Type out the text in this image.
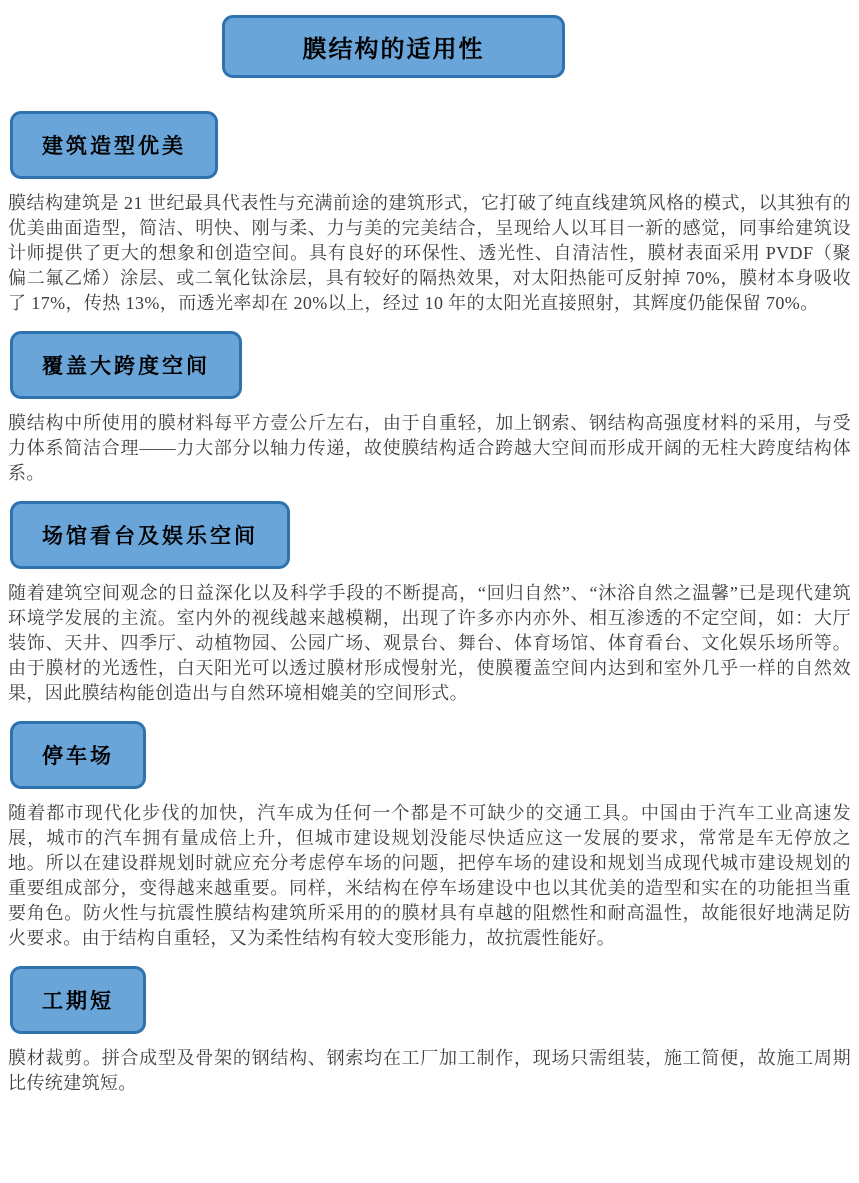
膜结构的适用性
建筑造型优美

膜结构建筑是 21 世纪最具代表性与充满前途的建筑形式，它打破了纯直线建筑风格的模式，以其独有的优美曲面造型，简洁、明快、刚与柔、力与美的完美结合，呈现给人以耳目一新的感觉，同事给建筑设计师提供了更大的想象和创造空间。具有良好的环保性、透光性、自清洁性，膜材表面采用 PVDF（聚偏二氟乙烯）涂层、或二氧化钛涂层，具有较好的隔热效果，对太阳热能可反射掉 70%，膜材本身吸收了 17%，传热 13%，而透光率却在 20%以上，经过 10 年的太阳光直接照射，其辉度仍能保留 70%。

覆盖大跨度空间

膜结构中所使用的膜材料每平方壹公斤左右，由于自重轻，加上钢索、钢结构高强度材料的采用，与受力体系简洁合理——力大部分以轴力传递，故使膜结构适合跨越大空间而形成开阔的无柱大跨度结构体系。

场馆看台及娱乐空间

随着建筑空间观念的日益深化以及科学手段的不断提高，“回归自然”、“沐浴自然之温馨”已是现代建筑环境学发展的主流。室内外的视线越来越模糊，出现了许多亦内亦外、相互渗透的不定空间，如：大厅装饰、天井、四季厅、动植物园、公园广场、观景台、舞台、体育场馆、体育看台、文化娱乐场所等。由于膜材的光透性，白天阳光可以透过膜材形成慢射光，使膜覆盖空间内达到和室外几乎一样的自然效果，因此膜结构能创造出与自然环境相媲美的空间形式。

停车场

随着都市现代化步伐的加快，汽车成为任何一个都是不可缺少的交通工具。中国由于汽车工业高速发展，城市的汽车拥有量成倍上升，但城市建设规划没能尽快适应这一发展的要求，常常是车无停放之地。所以在建设群规划时就应充分考虑停车场的问题，把停车场的建设和规划当成现代城市建设规划的重要组成部分，变得越来越重要。同样，米结构在停车场建设中也以其优美的造型和实在的功能担当重要角色。防火性与抗震性膜结构建筑所采用的的膜材具有卓越的阻燃性和耐高温性，故能很好地满足防火要求。由于结构自重轻，又为柔性结构有较大变形能力，故抗震性能好。

工期短

膜材裁剪。拼合成型及骨架的钢结构、钢索均在工厂加工制作，现场只需组装，施工简便，故施工周期比传统建筑短。
